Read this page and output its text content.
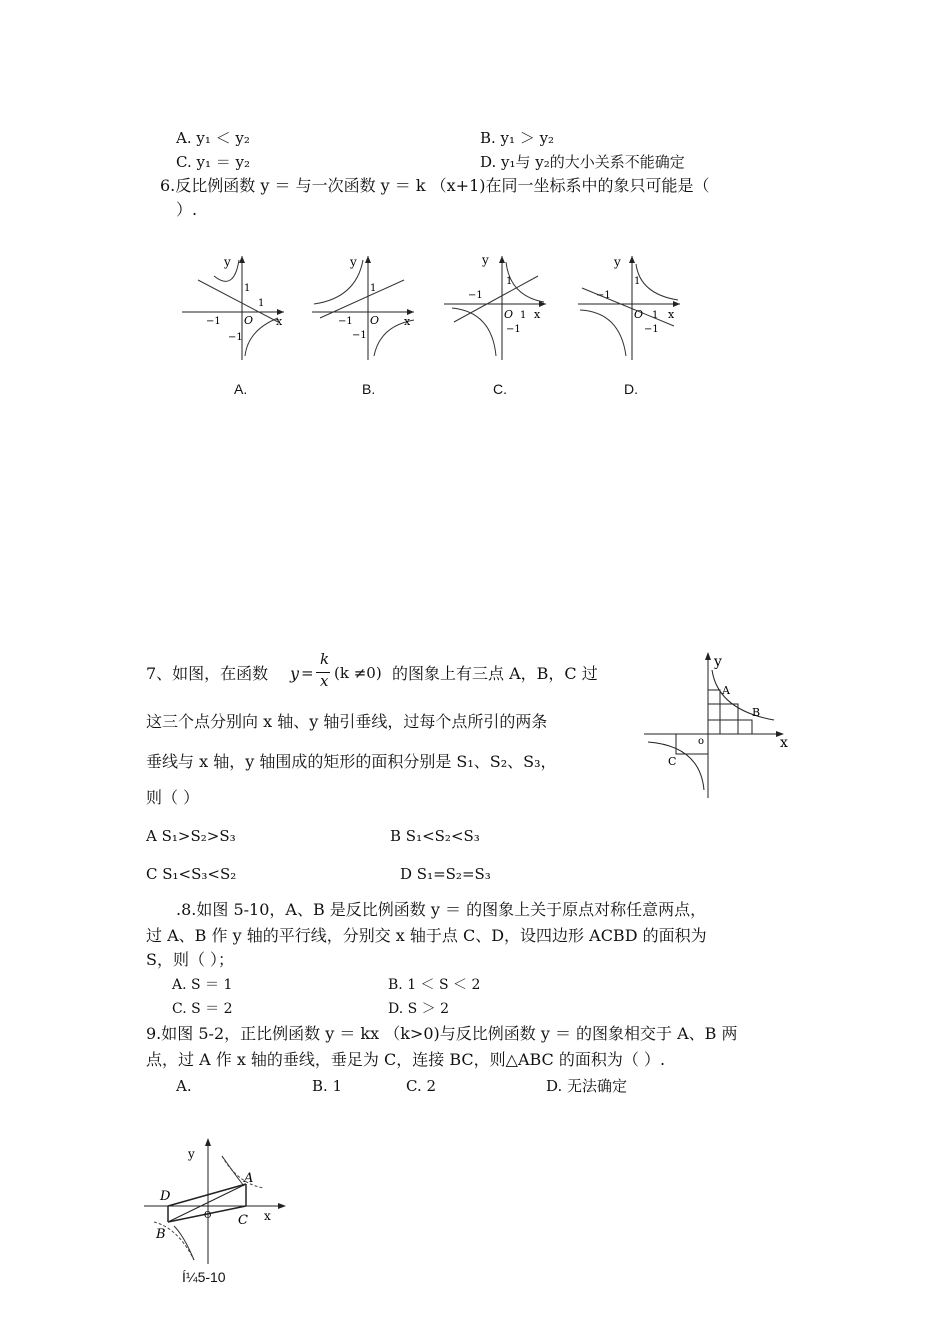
A. y₁ ＜ y₂	B. y₁ ＞ y₂
C. y₁ ＝ y₂	D. y₁与 y₂的大小关系不能确定
6.反比例函数 y ＝ 与一次函数 y ＝ k （x+1)在同一坐标系中的象只可能是（
）.
y
x
O
1
1
−1
−1
y
x
O
1
−1
−1
y
x
O 1
1
−1
−1
y
x
O 1
1
−1
−1
A.	B.	C.	D.
7、如图，在函数 y =
k
x (k ≠0) 的图象上有三点 A，B，C 过
这三个点分别向 x 轴、y 轴引垂线，过每个点所引的两条
垂线与 x 轴，y 轴围成的矩形的面积分别是 S₁、S₂、S₃，
则（ ）
A S₁>S₂>S₃	B S₁<S₂<S₃
C S₁<S₃<S₂	D S₁=S₂=S₃
y
x
o
A
B
C
.8.如图 5-10，A、B 是反比例函数 y ＝ 的图象上关于原点对称任意两点，
过 A、B 作 y 轴的平行线，分别交 x 轴于点 C、D，设四边形 ACBD 的面积为
S，则（ ）；
A. S ＝ 1	B. 1 ＜ S ＜ 2
C. S ＝ 2	D. S ＞ 2
9.如图 5-2，正比例函数 y ＝ kx （k>0)与反比例函数 y ＝ 的图象相交于 A、B 两
点，过 A 作 x 轴的垂线，垂足为 C，连接 BC，则△ABC 的面积为（ ）.
A.	B. 1	C. 2	D. 无法确定
y
x
A
B
C
D
O
Í¼5-10
